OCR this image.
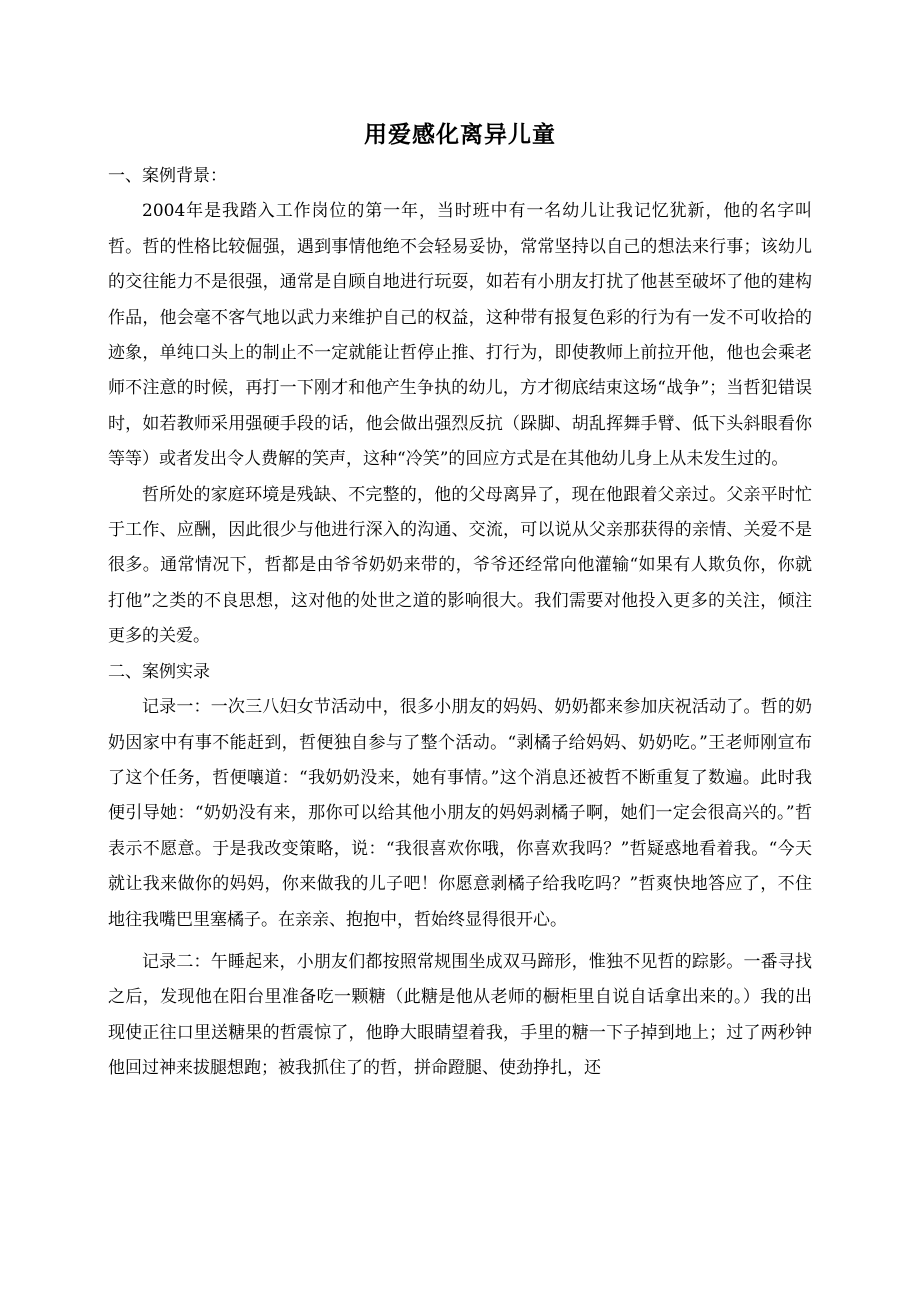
用爱感化离异儿童

一、案例背景：

2004年是我踏入工作岗位的第一年，当时班中有一名幼儿让我记忆犹新，他的名字叫哲。哲的性格比较倔强，遇到事情他绝不会轻易妥协，常常坚持以自己的想法来行事；该幼儿的交往能力不是很强，通常是自顾自地进行玩耍，如若有小朋友打扰了他甚至破坏了他的建构作品，他会毫不客气地以武力来维护自己的权益，这种带有报复色彩的行为有一发不可收拾的迹象，单纯口头上的制止不一定就能让哲停止推、打行为，即使教师上前拉开他，他也会乘老师不注意的时候，再打一下刚才和他产生争执的幼儿，方才彻底结束这场“战争”；当哲犯错误时，如若教师采用强硬手段的话，他会做出强烈反抗（跺脚、胡乱挥舞手臂、低下头斜眼看你等等）或者发出令人费解的笑声，这种“冷笑”的回应方式是在其他幼儿身上从未发生过的。

哲所处的家庭环境是残缺、不完整的，他的父母离异了，现在他跟着父亲过。父亲平时忙于工作、应酬，因此很少与他进行深入的沟通、交流，可以说从父亲那获得的亲情、关爱不是很多。通常情况下，哲都是由爷爷奶奶来带的，爷爷还经常向他灌输“如果有人欺负你，你就打他”之类的不良思想，这对他的处世之道的影响很大。我们需要对他投入更多的关注，倾注更多的关爱。

二、案例实录

记录一：一次三八妇女节活动中，很多小朋友的妈妈、奶奶都来参加庆祝活动了。哲的奶奶因家中有事不能赶到，哲便独自参与了整个活动。“剥橘子给妈妈、奶奶吃。”王老师刚宣布了这个任务，哲便嚷道：“我奶奶没来，她有事情。”这个消息还被哲不断重复了数遍。此时我便引导她：“奶奶没有来，那你可以给其他小朋友的妈妈剥橘子啊，她们一定会很高兴的。”哲表示不愿意。于是我改变策略，说：“我很喜欢你哦，你喜欢我吗？”哲疑惑地看着我。“今天就让我来做你的妈妈，你来做我的儿子吧！你愿意剥橘子给我吃吗？”哲爽快地答应了，不住地往我嘴巴里塞橘子。在亲亲、抱抱中，哲始终显得很开心。

记录二：午睡起来，小朋友们都按照常规围坐成双马蹄形，惟独不见哲的踪影。一番寻找之后，发现他在阳台里准备吃一颗糖（此糖是他从老师的橱柜里自说自话拿出来的。）我的出现使正往口里送糖果的哲震惊了，他睁大眼睛望着我，手里的糖一下子掉到地上；过了两秒钟他回过神来拔腿想跑；被我抓住了的哲，拼命蹬腿、使劲挣扎，还
